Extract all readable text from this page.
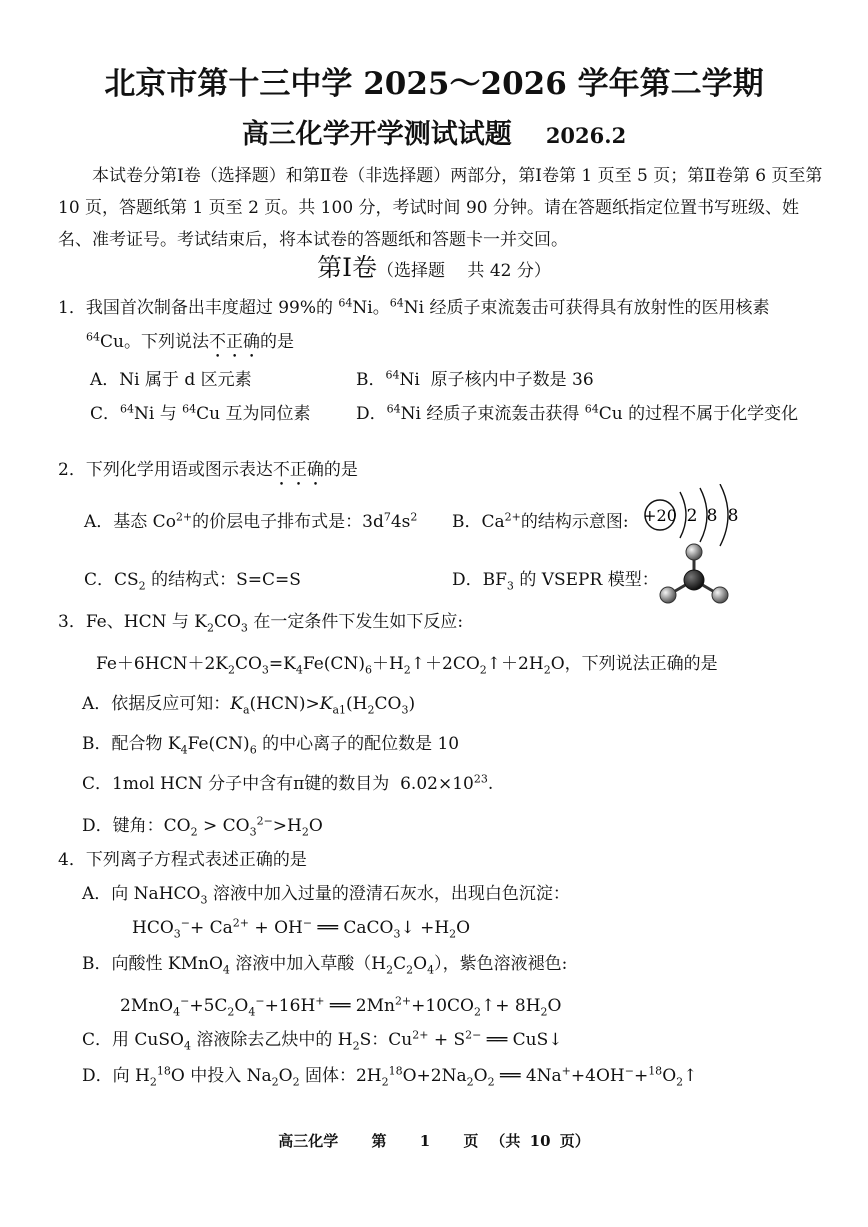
北京市第十三中学 2025～2026 学年第二学期
高三化学开学测试试题 2026.2
本试卷分第Ⅰ卷（选择题）和第Ⅱ卷（非选择题）两部分，第Ⅰ卷第 1 页至 5 页；第Ⅱ卷第 6 页至第 10 页，答题纸第 1 页至 2 页。共 100 分，考试时间 90 分钟。请在答题纸指定位置书写班级、姓名、准考证号。考试结束后，将本试卷的答题纸和答题卡一并交回。
第Ⅰ卷（选择题　 共 42 分）
1．我国首次制备出丰度超过 99%的 $^{64}$Ni。$^{64}$Ni 经质子束流轰击可获得具有放射性的医用核素
$^{64}$Cu。下列说法不正确的是
A．Ni 属于 d 区元素	B．$^{64}$Ni  原子核内中子数是 36
C．$^{64}$Ni 与 $^{64}$Cu 互为同位素	D．$^{64}$Ni 经质子束流轰击获得 $^{64}$Cu 的过程不属于化学变化
2．下列化学用语或图示表达不正确的是
A．基态 $Co^{2+}$的价层电子排布式是：$3d^74s^2$ B．$Ca^{2+}$的结构示意图: +20 2 8 8
C．$CS_2$ 的结构式：S=C=S	D．$BF_3$ 的 VSEPR 模型：
3．Fe、HCN 与 $K_2CO_3$ 在一定条件下发生如下反应:
$Fe+6HCN+2K_2CO_3=K_4Fe(CN)_6+H_2↑+2CO_2↑+2H_2O$，下列说法正确的是
A．依据反应可知：$K_a(HCN)>K_{a1}(H_2CO_3)$
B．配合物 $K_4Fe(CN)_6$ 的中心离子的配位数是 10
C．1mol HCN 分子中含有π键的数目为  $6.02\times 10^{23}$.
D．键角：$CO_2 > CO_3^{2-}>H_2O$
4．下列离子方程式表述正确的是
A．向 NaHCO$_3$ 溶液中加入过量的澄清石灰水，出现白色沉淀：
$HCO_3^-+ Ca^{2+} + OH^-$ ══ CaCO$_3$↓ $+H_2O$
B．向酸性 KMnO$_4$ 溶液中加入草酸$(H_2C_2O_4)$，紫色溶液褪色:
$2MnO_4^-+5C_2O_4^-+16H^+$ ══ $2Mn^{2+}+10CO_2↑+ 8H_2O$
C．用 CuSO$_4$ 溶液除去乙炔中的 $H_2S$：$Cu^{2+} + S^{2-}$ ══ CuS↓
D．向 $H_2^{18}O$ 中投入 $Na_2O_2$ 固体：$2H_2^{18}O+2Na_2O_2$ ══ $4Na^++4OH^-+^{18}O_2↑$
高三化学 第 1 页 （共 10 页）
